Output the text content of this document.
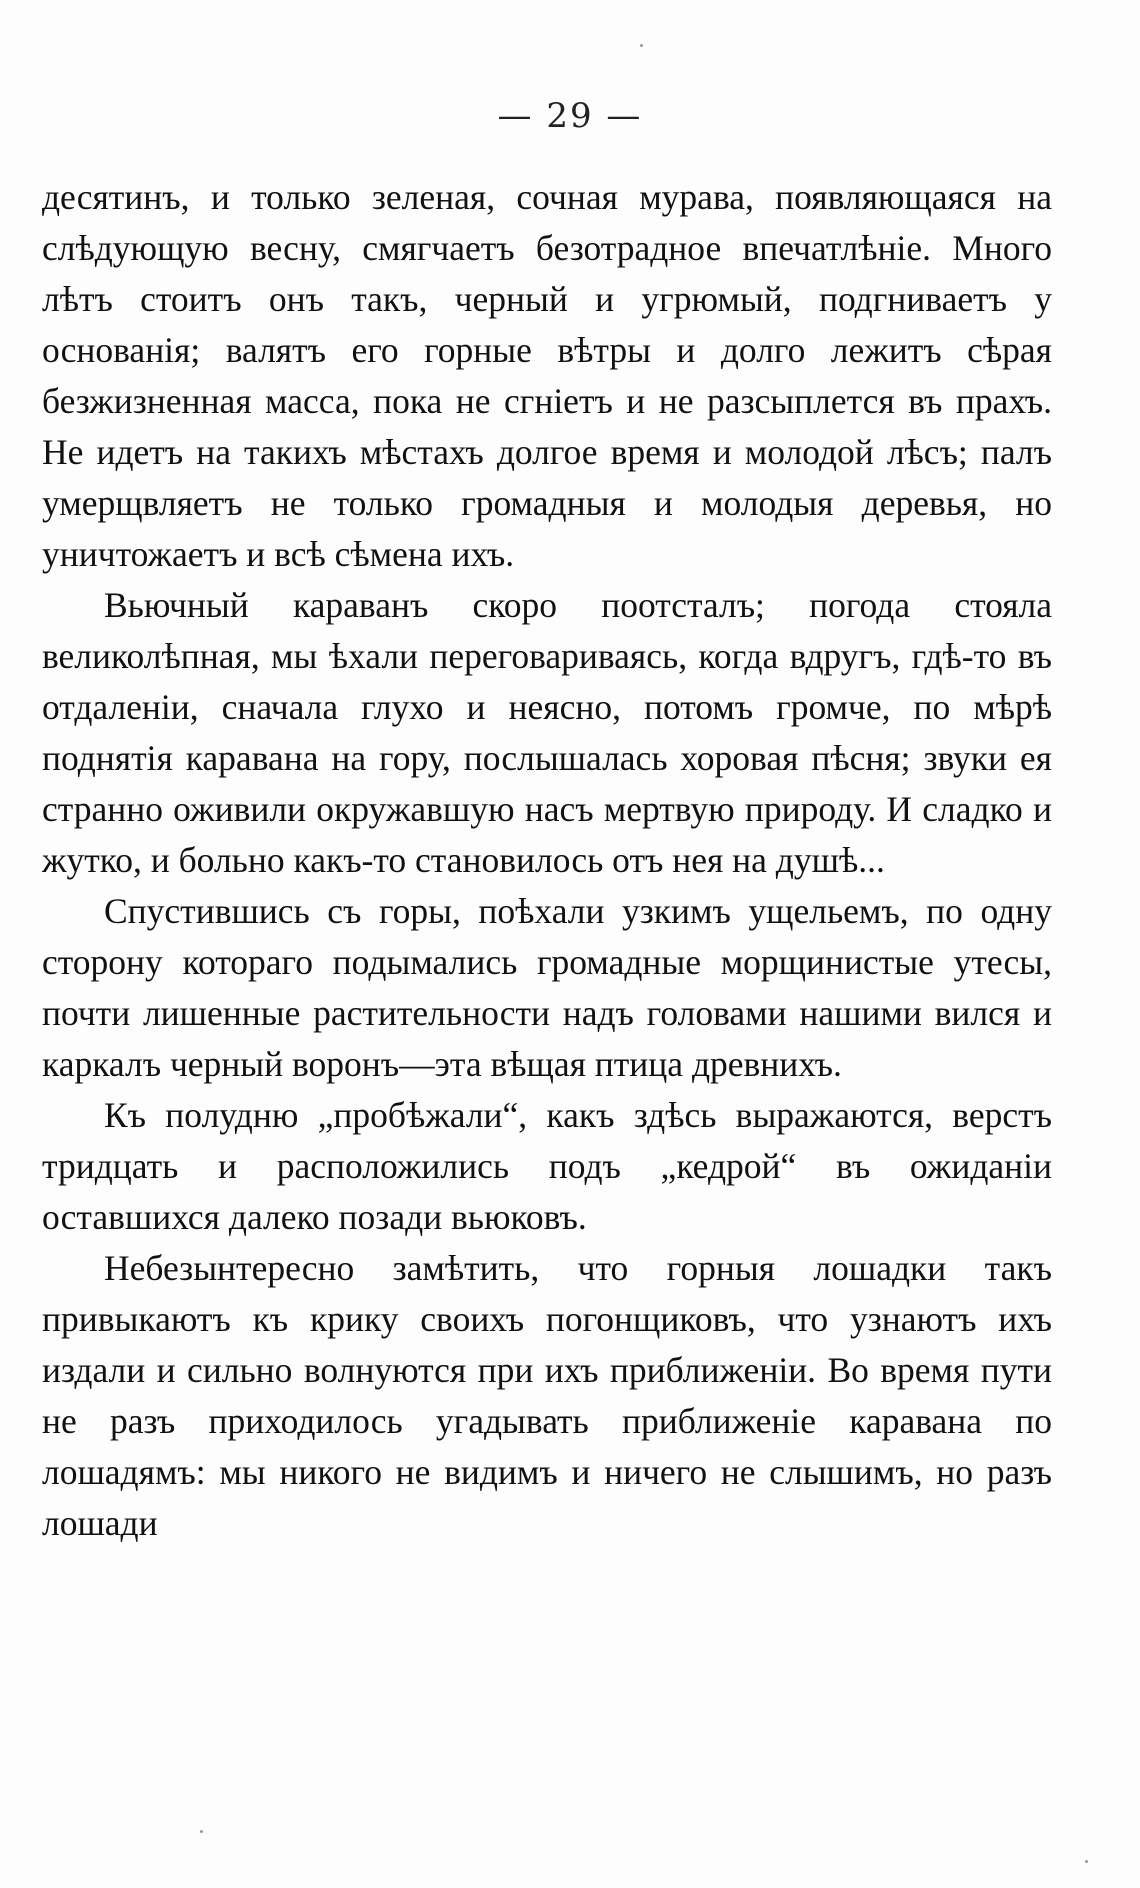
— 29 —

десятинъ, и только зеленая, сочная мурава, появляющаяся на слѣдующую весну, смягчаетъ безотрадное впечатлѣніе. Много лѣтъ стоитъ онъ такъ, черный и угрюмый, подгниваетъ у основанія; валятъ его горные вѣтры и долго лежитъ сѣрая безжизненная масса, пока не сгніетъ и не разсыплется въ прахъ. Не идетъ на такихъ мѣстахъ долгое время и молодой лѣсъ; палъ умерщвляетъ не только громадныя и молодыя деревья, но уничтожаетъ и всѣ сѣмена ихъ.

Вьючный караванъ скоро поотсталъ; погода стояла великолѣпная, мы ѣхали переговариваясь, когда вдругъ, гдѣ-то въ отдаленіи, сначала глухо и неясно, потомъ громче, по мѣрѣ поднятія каравана на гору, послышалась хоровая пѣсня; звуки ея странно оживили окружавшую насъ мертвую природу. И сладко и жутко, и больно какъ-то становилось отъ нея на душѣ...

Спустившись съ горы, поѣхали узкимъ ущельемъ, по одну сторону котораго подымались громадные морщинистые утесы, почти лишенные растительности надъ головами нашими вился и каркалъ черный воронъ—эта вѣщая птица древнихъ.

Къ полудню „пробѣжали“, какъ здѣсь выражаются, верстъ тридцать и расположились подъ „кедрой“ въ ожиданіи оставшихся далеко позади вьюковъ.

Небезынтересно замѣтить, что горныя лошадки такъ привыкаютъ къ крику своихъ погонщиковъ, что узнаютъ ихъ издали и сильно волнуются при ихъ приближеніи. Во время пути не разъ приходилось угадывать приближеніе каравана по лошадямъ: мы никого не видимъ и ничего не слышимъ, но разъ лошади
